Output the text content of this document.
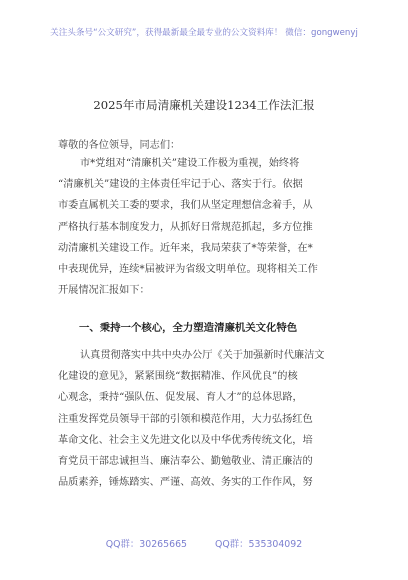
关注头条号“公文研究”，获得最新最全最专业的公文资料库！ 微信：gongwenyj
2025年市局清廉机关建设1234工作法汇报
尊敬的各位领导，同志们：
市*党组对“清廉机关”建设工作极为重视，始终将
“清廉机关”建设的主体责任牢记于心、落实于行。依据
市委直属机关工委的要求，我们从坚定理想信念着手，从
严格执行基本制度发力，从抓好日常规范抓起，多方位推
动清廉机关建设工作。近年来，我局荣获了*等荣誉，在*
中表现优异，连续*届被评为省级文明单位。现将相关工作
开展情况汇报如下：
一、秉持一个核心，全力塑造清廉机关文化特色
认真贯彻落实中共中央办公厅《关于加强新时代廉洁文
化建设的意见》，紧紧围绕“数据精准、作风优良”的核
心观念，秉持“强队伍、促发展、育人才”的总体思路，
注重发挥党员领导干部的引领和模范作用，大力弘扬红色
革命文化、社会主义先进文化以及中华优秀传统文化，培
育党员干部忠诚担当、廉洁奉公、勤勉敬业、清正廉洁的
品质素养，锤炼踏实、严谨、高效、务实的工作作风，努
QQ群：30265665	QQ群：535304092
